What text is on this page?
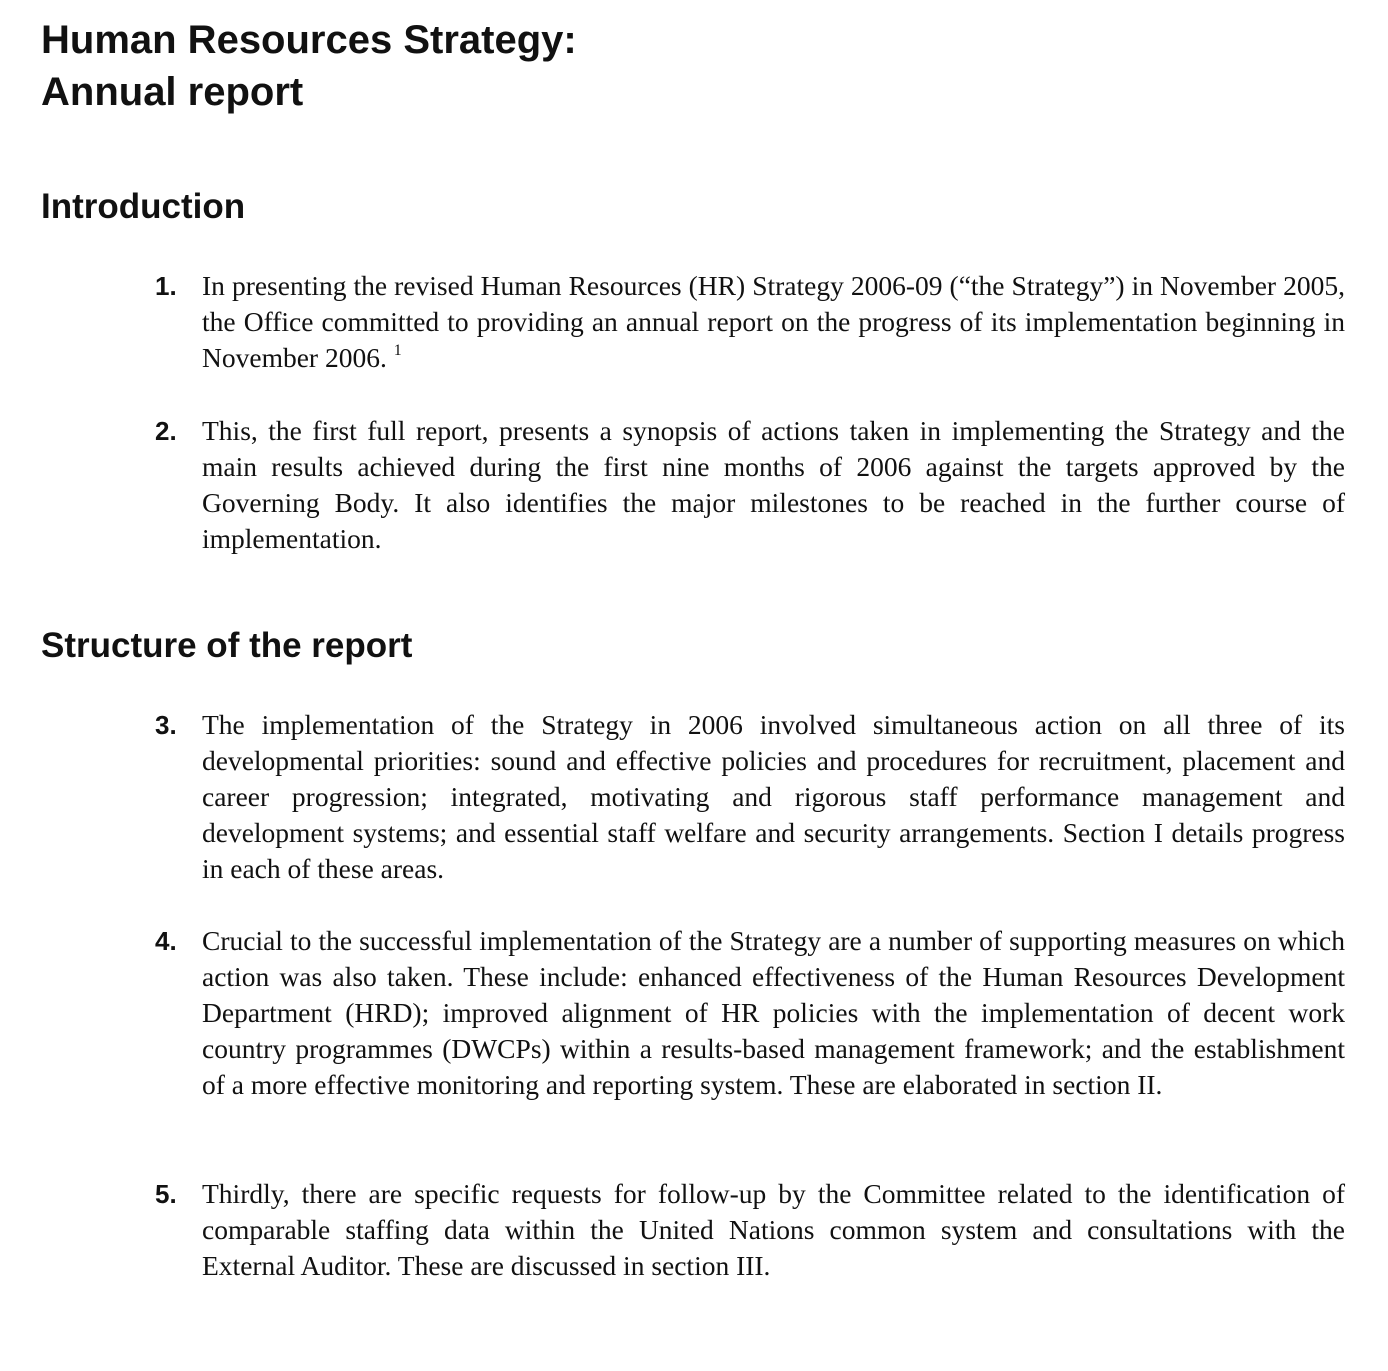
Human Resources Strategy:
Annual report
Introduction
1. In presenting the revised Human Resources (HR) Strategy 2006-09 (“the Strategy”) in November 2005, the Office committed to providing an annual report on the progress of its implementation beginning in November 2006. $^1$
2. This, the first full report, presents a synopsis of actions taken in implementing the Strategy and the main results achieved during the first nine months of 2006 against the targets approved by the Governing Body. It also identifies the major milestones to be reached in the further course of implementation.
Structure of the report
3. The implementation of the Strategy in 2006 involved simultaneous action on all three of its developmental priorities: sound and effective policies and procedures for recruitment, placement and career progression; integrated, motivating and rigorous staff performance management and development systems; and essential staff welfare and security arrangements. Section I details progress in each of these areas.
4. Crucial to the successful implementation of the Strategy are a number of supporting measures on which action was also taken. These include: enhanced effectiveness of the Human Resources Development Department (HRD); improved alignment of HR policies with the implementation of decent work country programmes (DWCPs) within a results-based management framework; and the establishment of a more effective monitoring and reporting system. These are elaborated in section II.
5. Thirdly, there are specific requests for follow-up by the Committee related to the identification of comparable staffing data within the United Nations common system and consultations with the External Auditor. These are discussed in section III.
